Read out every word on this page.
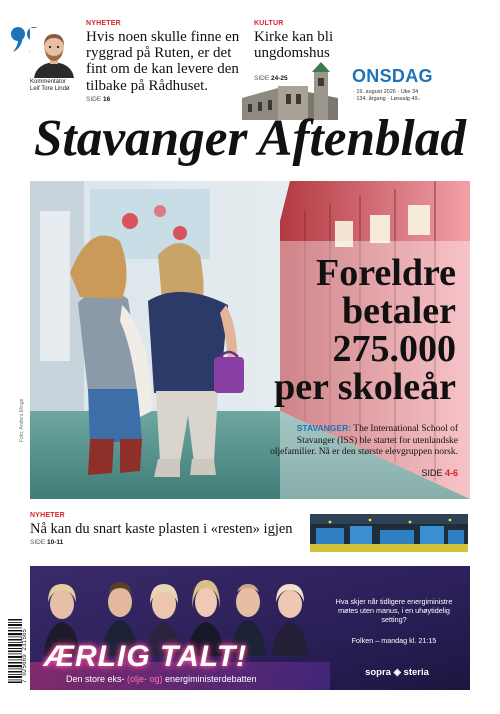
Kommentator
Leif Tore Lindø
NYHETER
Hvis noen skulle finne en ryggrad på Ruten, er det fint om de kan levere den tilbake på Rådhuset.
SIDE 16
KULTUR
Kirke kan bli ungdomshus
SIDE 24-25	ONSDAG
· 19. august 2026 · Uke 34
· 134. årgang · Løssalg 49,-
Stavanger Aftenblad
Foto: Anders Minge
Foreldre
betaler
275.000
per skoleår
STAVANGER: The International School of Stavanger (ISS) ble startet for utenlandske oljefamilier. Nå er den største elevgruppen norsk.
SIDE 4-6
NYHETER
Nå kan du snart kaste plasten i «resten» igjen
SIDE 10-11
ÆRLIG TALT!
Den store eks- (olje- og) energiministerdebatten
Hva skjer når tidligere energiministre møtes uten manus, i en uhøytidelig setting?
Folken – mandag kl. 21:15
sopra ◈ steria
7 025669 231565
